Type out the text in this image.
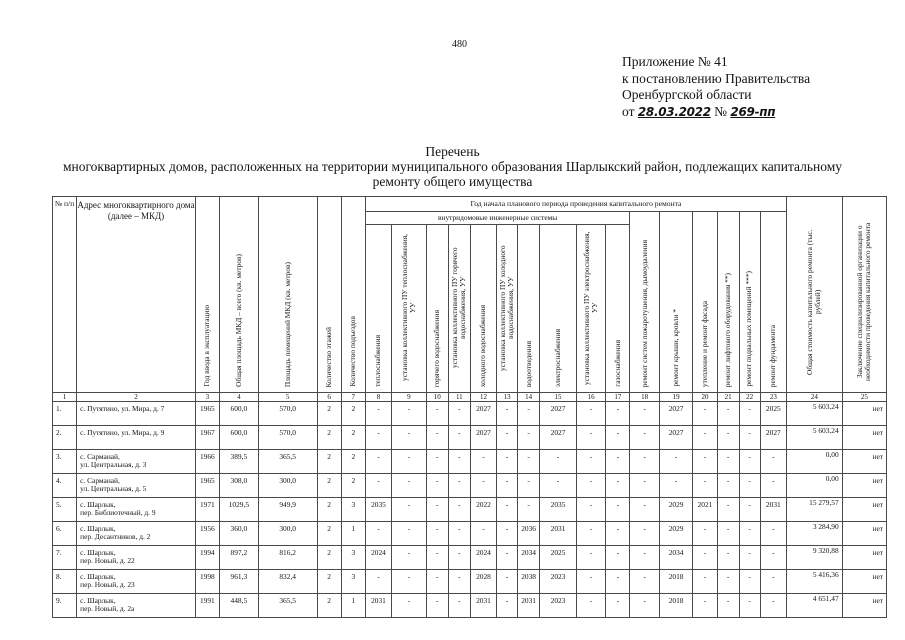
480
Приложение № 41
к постановлению Правительства
Оренбургской области
от 28.03.2022 № 269-пп
Перечень
многоквартирных домов, расположенных на территории муниципального образования Шарлыкский район, подлежащих капитальному ремонту общего имущества
№ п/п	Адрес многоквартирного дома (далее – МКД)	Год ввода в эксплуатацию	Общая площадь МКД – всего (кв. метров)	Площадь помещений МКД (кв. метров)	Количество этажей	Количество подъездов	Год начала планового периода проведения капитального ремонта																Общая стоимость капитального ремонта (тыс. рублей)	Заключение специализированной организации о необходимости проведения капитального ремонта
							внутридомовые инженерные системы										ремонт систем пожаротушения, дымоудаления	ремонт крыши, кровли *	утепление и ремонт фасада	ремонт лифтового оборудования **)	ремонт подвальных помещений ***)	ремонт фундамента		
							теплоснабжения	установка коллективного ПУ теплоснабжения, УУ	горячего водоснабжения	установка коллективного ПУ горячего водоснабжения, УУ	холодного водоснабжения	установка коллективного ПУ холодного водоснабжения, УУ	водоотведения	электроснабжения	установка коллективного ПУ электроснабжения, УУ	газоснабжения								
1	2	3	4	5	6	7	8	9	10	11	12	13	14	15	16	17	18	19	20	21	22	23	24	25
1.	с. Путятино, ул. Мира, д. 7	1965	600,0	570,0	2	2	-	-	-	-	2027	-	-	2027	-	-	-	2027	-	-	-	2025	5 603,24	нет
2.	с. Путятино, ул. Мира, д. 9	1967	600,0	570,0	2	2	-	-	-	-	2027	-	-	2027	-	-	-	2027	-	-	-	2027	5 603,24	нет
3.	с. Сарманай,
ул. Центральная, д. 3	1966	389,5	365,5	2	2	-	-	-	-	-	-	-	-	-	-	-	-	-	-	-	-	0,00	нет
4.	с. Сарманай,
ул. Центральная, д. 5	1965	308,0	300,0	2	2	-	-	-	-	-	-	-	-	-	-	-	-	-	-	-	-	0,00	нет
5.	с. Шарлык,
пер. Библиотечный, д. 9	1971	1029,5	949,9	2	3	2035	-	-	-	2022	-	-	2035	-	-	-	2029	2021	-	-	2031	15 279,57	нет
6.	с. Шарлык,
пер. Десантников, д. 2	1956	360,0	300,0	2	1	-	-	-	-	-	-	2036	2031	-	-	-	2029	-	-	-	-	3 284,90	нет
7.	с. Шарлык,
пер. Новый, д. 22	1994	897,2	816,2	2	3	2024	-	-	-	2024	-	2034	2025	-	-	-	2034	-	-	-	-	9 320,88	нет
8.	с. Шарлык,
пер. Новый, д. 23	1998	961,3	832,4	2	3	-	-	-	-	2028	-	2038	2023	-	-	-	2018	-	-	-	-	5 416,36	нет
9.	с. Шарлык,
пер. Новый, д. 2а	1991	448,5	365,5	2	1	2031	-	-	-	2031	-	2031	2023	-	-	-	2018	-	-	-	-	4 651,47	нет
